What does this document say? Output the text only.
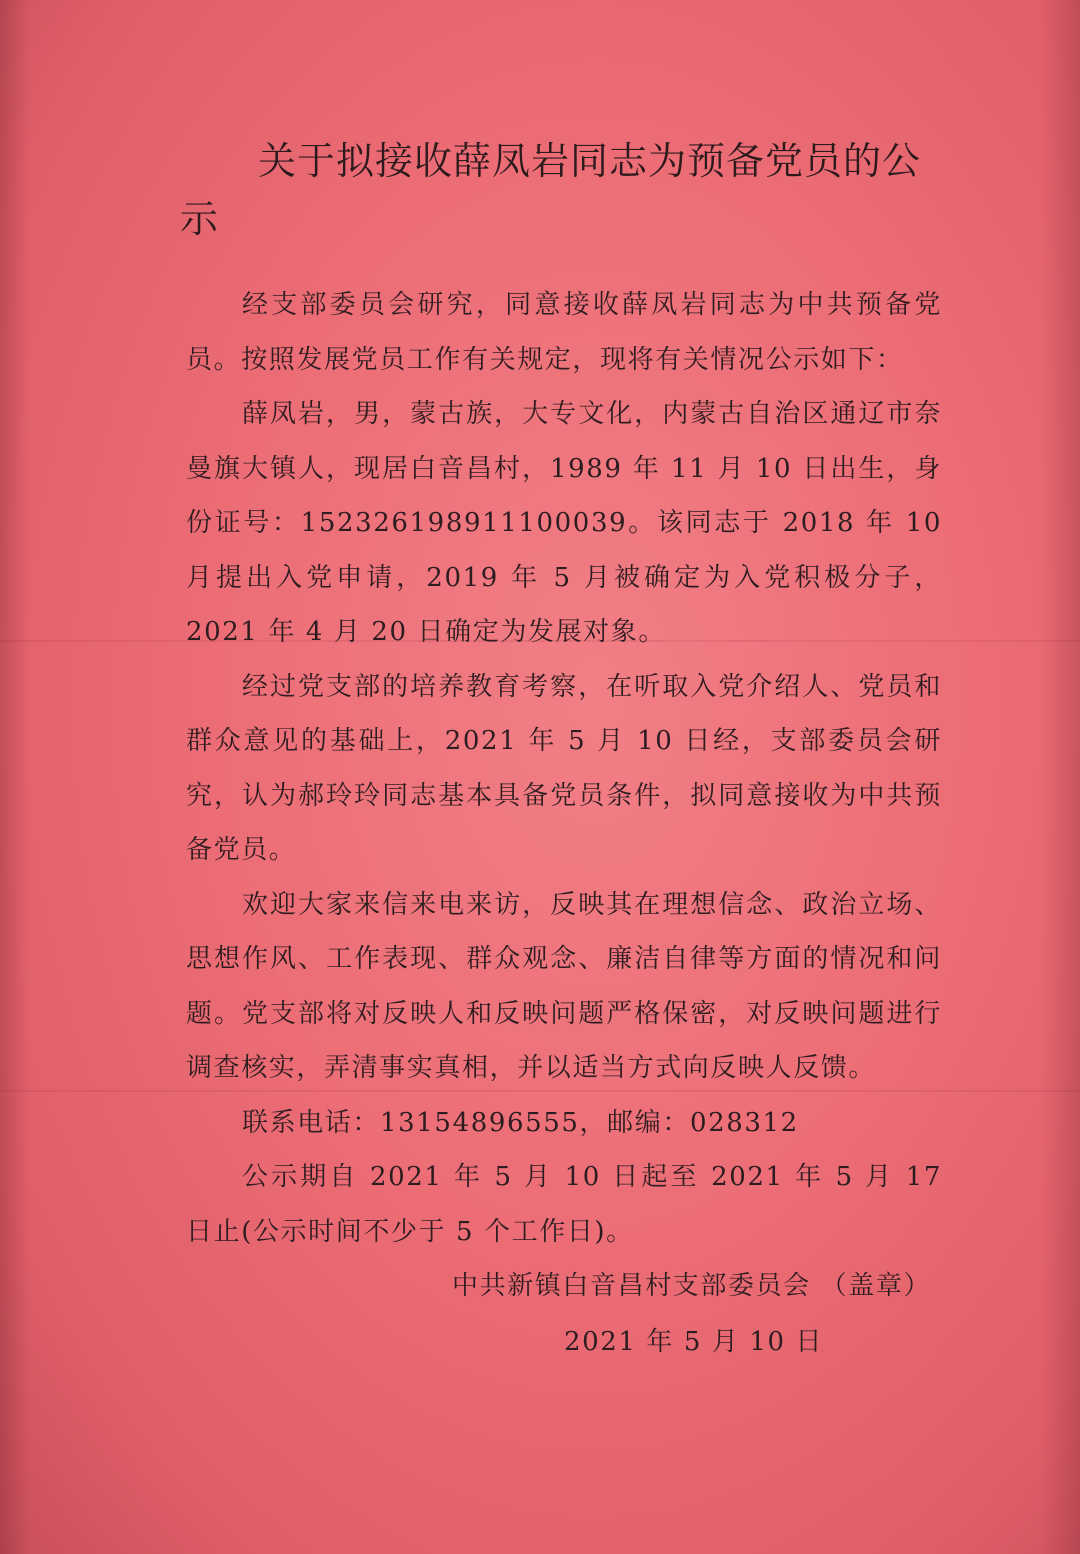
关于拟接收薛凤岩同志为预备党员的公示

经支部委员会研究，同意接收薛凤岩同志为中共预备党员。按照发展党员工作有关规定，现将有关情况公示如下：

薛凤岩，男，蒙古族，大专文化，内蒙古自治区通辽市奈曼旗大镇人，现居白音昌村，1989 年 11 月 10 日出生，身份证号：152326198911100039。该同志于 2018 年 10 月提出入党申请，2019 年 5 月被确定为入党积极分子，2021 年 4 月 20 日确定为发展对象。

经过党支部的培养教育考察，在听取入党介绍人、党员和群众意见的基础上，2021 年 5 月 10 日经，支部委员会研究，认为郝玲玲同志基本具备党员条件，拟同意接收为中共预备党员。

欢迎大家来信来电来访，反映其在理想信念、政治立场、思想作风、工作表现、群众观念、廉洁自律等方面的情况和问题。党支部将对反映人和反映问题严格保密，对反映问题进行调查核实，弄清事实真相，并以适当方式向反映人反馈。

联系电话：13154896555，邮编：028312

公示期自 2021 年 5 月 10 日起至 2021 年 5 月 17 日止(公示时间不少于 5 个工作日)。

中共新镇白音昌村支部委员会 （盖章）
2021 年 5 月 10 日
